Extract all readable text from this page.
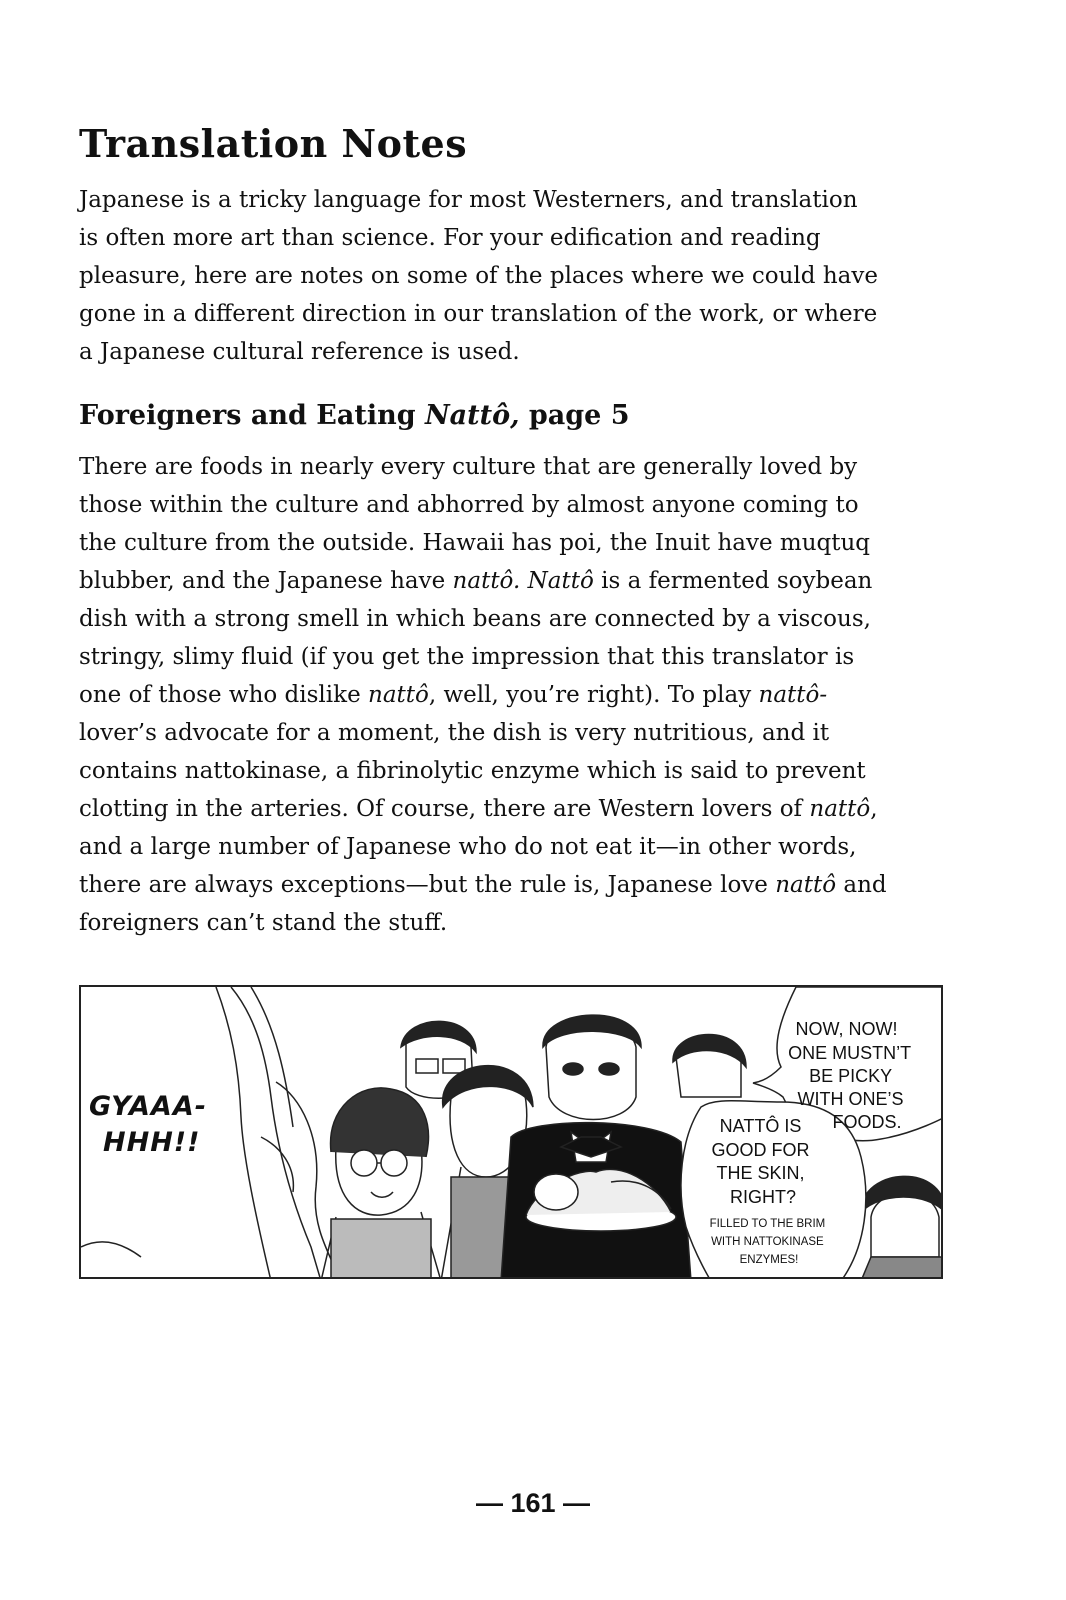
Translation Notes
Japanese is a tricky language for most Westerners, and translation
is often more art than science. For your edification and reading
pleasure, here are notes on some of the places where we could have
gone in a different direction in our translation of the work, or where
a Japanese cultural reference is used.
Foreigners and Eating Nattô, page 5
There are foods in nearly every culture that are generally loved by
those within the culture and abhorred by almost anyone coming to
the culture from the outside. Hawaii has poi, the Inuit have muqtuq
blubber, and the Japanese have nattô. Nattô is a fermented soybean
dish with a strong smell in which beans are connected by a viscous,
stringy, slimy fluid (if you get the impression that this translator is
one of those who dislike nattô, well, you’re right). To play nattô-
lover’s advocate for a moment, the dish is very nutritious, and it
contains nattokinase, a fibrinolytic enzyme which is said to prevent
clotting in the arteries. Of course, there are Western lovers of nattô,
and a large number of Japanese who do not eat it—in other words,
there are always exceptions—but the rule is, Japanese love nattô and
foreigners can’t stand the stuff.
GYAAA- HHH!!
NOW, NOW! ONE MUSTN’T BE PICKY WITH ONE’S FOODS.
NATTÔ IS GOOD FOR THE SKIN, RIGHT?
FILLED TO THE BRIM WITH NATTOKINASE ENZYMES!
— 161 —
